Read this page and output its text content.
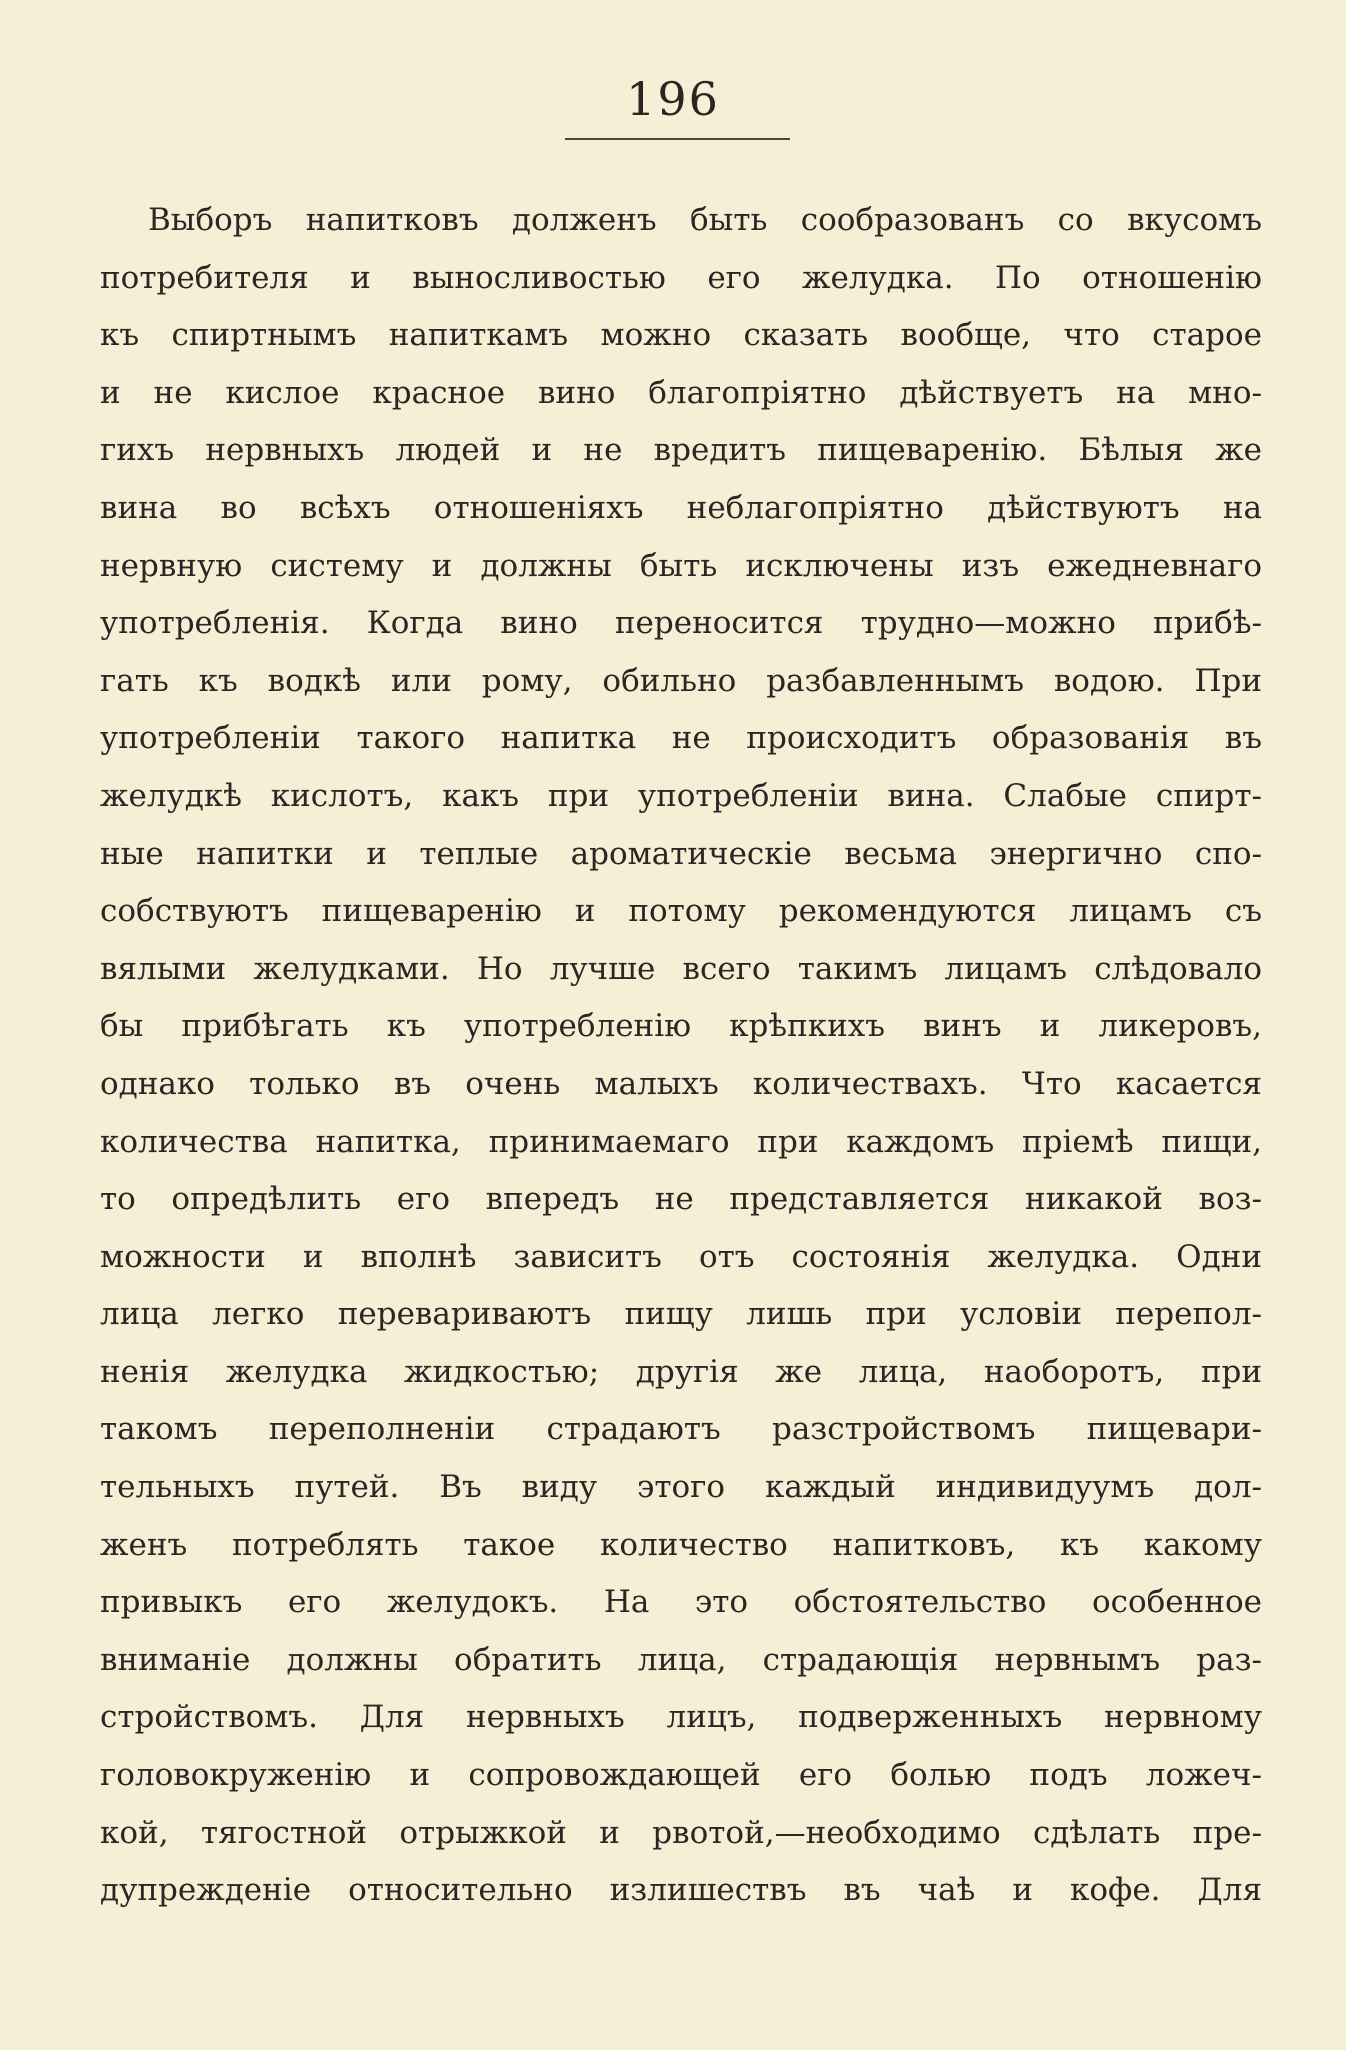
196
Выборъ напитковъ долженъ быть сообразованъ со вкусомъ
потребителя и выносливостью его желудка. По отношенію
къ спиртнымъ напиткамъ можно сказать вообще, что старое
и не кислое красное вино благопріятно дѣйствуетъ на мно-
гихъ нервныхъ людей и не вредитъ пищеваренію. Бѣлыя же
вина во всѣхъ отношеніяхъ неблагопріятно дѣйствуютъ на
нервную систему и должны быть исключены изъ ежедневнаго
употребленія. Когда вино переносится трудно—можно прибѣ-
гать къ водкѣ или рому, обильно разбавленнымъ водою. При
употребленіи такого напитка не происходитъ образованія въ
желудкѣ кислотъ, какъ при употребленіи вина. Слабые спирт-
ные напитки и теплые ароматическіе весьма энергично спо-
собствуютъ пищеваренію и потому рекомендуются лицамъ съ
вялыми желудками. Но лучше всего такимъ лицамъ слѣдовало
бы прибѣгать къ употребленію крѣпкихъ винъ и ликеровъ,
однако только въ очень малыхъ количествахъ. Что касается
количества напитка, принимаемаго при каждомъ пріемѣ пищи,
то опредѣлить его впередъ не представляется никакой воз-
можности и вполнѣ зависитъ отъ состоянія желудка. Одни
лица легко перевариваютъ пищу лишь при условіи перепол-
ненія желудка жидкостью; другія же лица, наоборотъ, при
такомъ переполненіи страдаютъ разстройствомъ пищевари-
тельныхъ путей. Въ виду этого каждый индивидуумъ дол-
женъ потреблять такое количество напитковъ, къ какому
привыкъ его желудокъ. На это обстоятельство особенное
вниманіе должны обратить лица, страдающія нервнымъ раз-
стройствомъ. Для нервныхъ лицъ, подверженныхъ нервному
головокруженію и сопровождающей его болью подъ ложеч-
кой, тягостной отрыжкой и рвотой,—необходимо сдѣлать пре-
дупрежденіе относительно излишествъ въ чаѣ и кофе. Для
